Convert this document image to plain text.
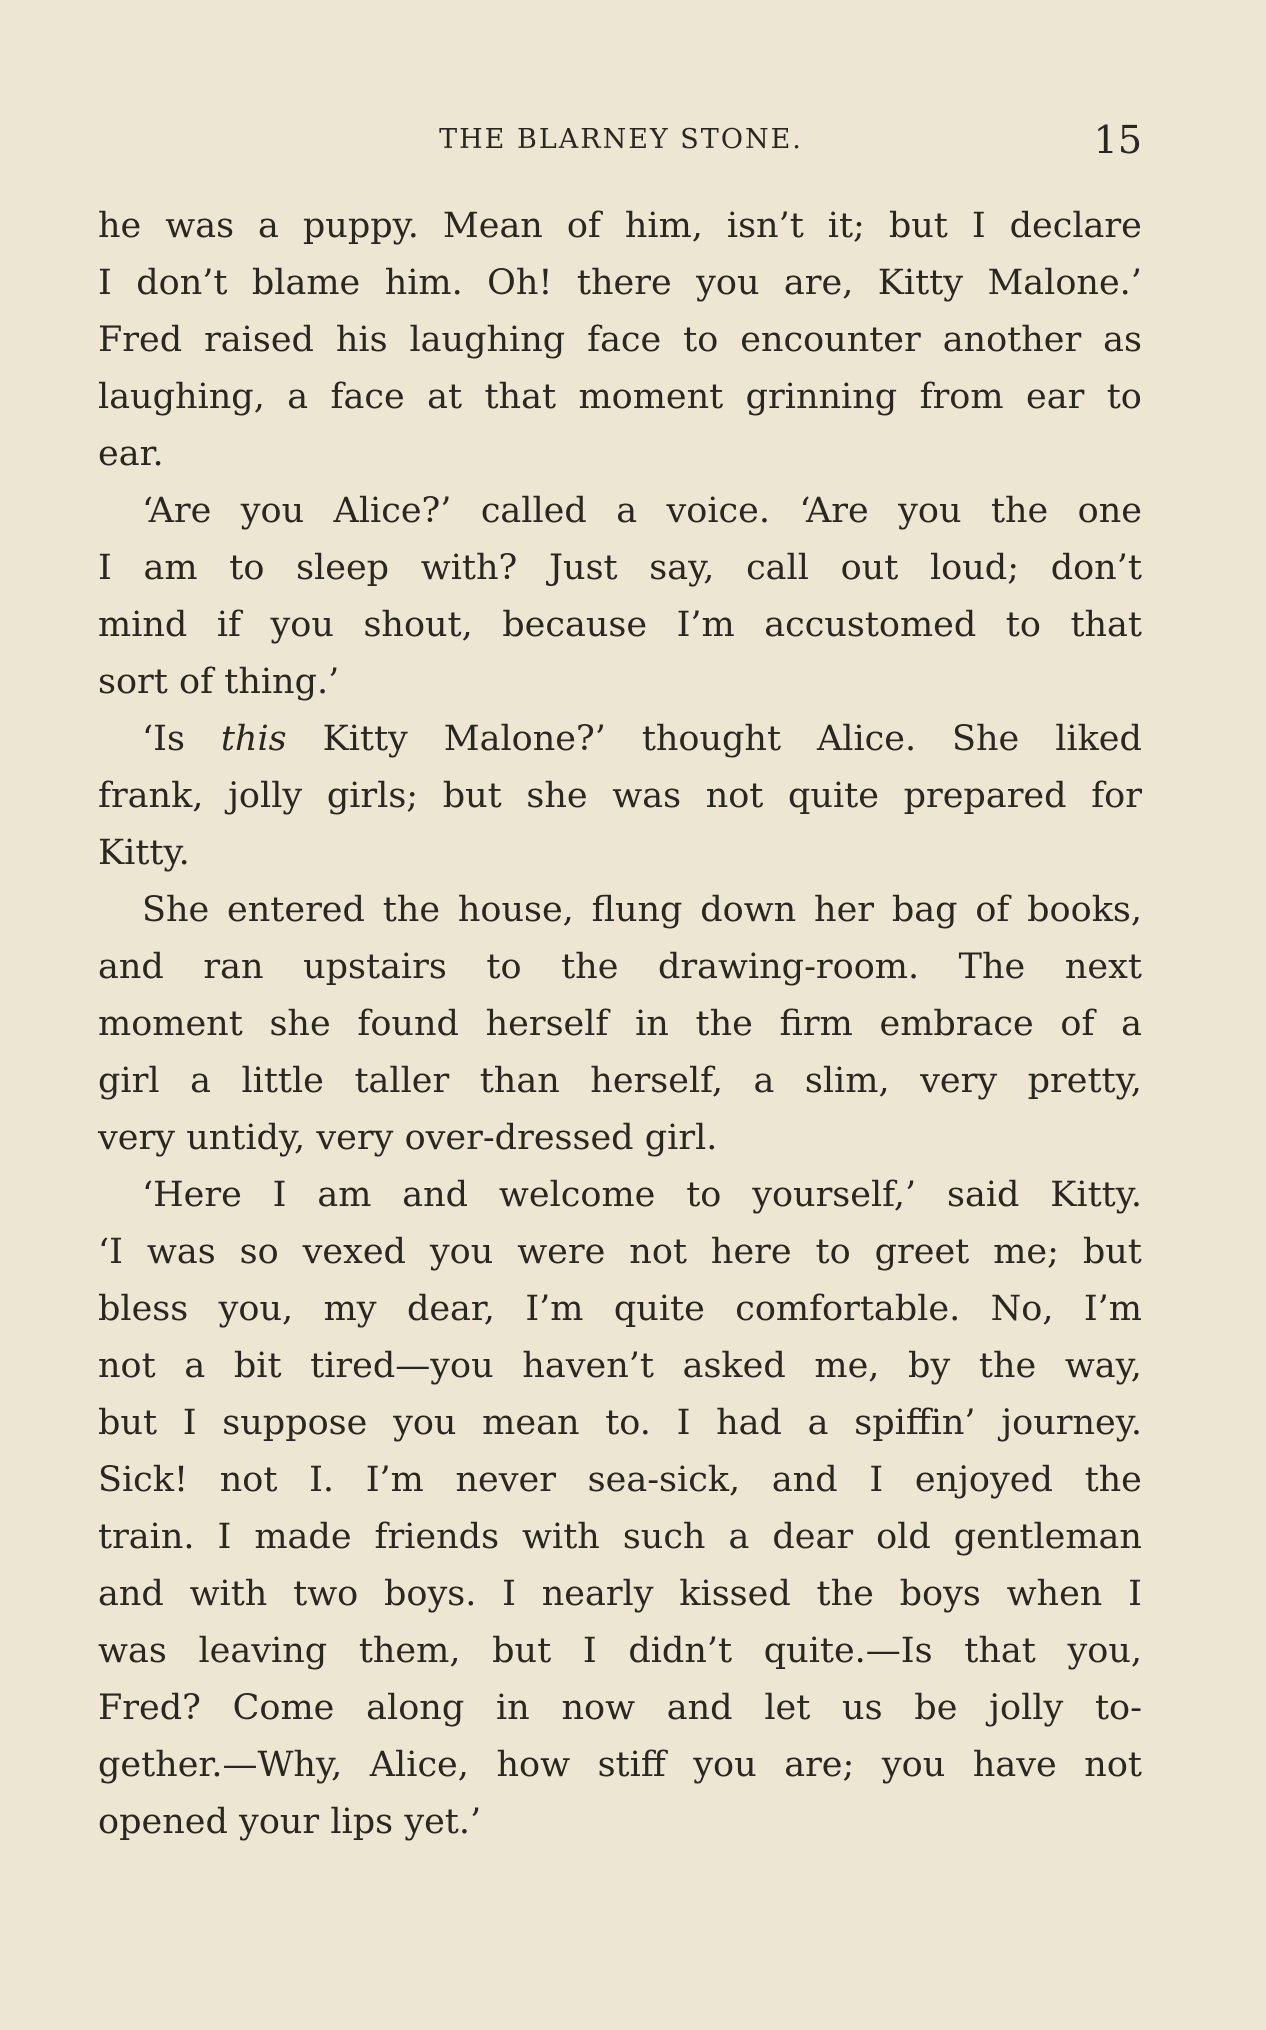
THE BLARNEY STONE.	15
he was a puppy. Mean of him, isn’t it; but I declare
I don’t blame him. Oh! there you are, Kitty Malone.’
Fred raised his laughing face to encounter another as
laughing, a face at that moment grinning from ear to
ear.
‘Are you Alice?’ called a voice. ‘Are you the one
I am to sleep with? Just say, call out loud; don’t
mind if you shout, because I’m accustomed to that
sort of thing.’
‘Is this Kitty Malone?’ thought Alice. She liked
frank, jolly girls; but she was not quite prepared for
Kitty.
She entered the house, flung down her bag of books,
and ran upstairs to the drawing-room. The next
moment she found herself in the firm embrace of a
girl a little taller than herself, a slim, very pretty,
very untidy, very over-dressed girl.
‘Here I am and welcome to yourself,’ said Kitty.
‘I was so vexed you were not here to greet me; but
bless you, my dear, I’m quite comfortable. No, I’m
not a bit tired—you haven’t asked me, by the way,
but I suppose you mean to. I had a spiffin’ journey.
Sick! not I. I’m never sea-sick, and I enjoyed the
train. I made friends with such a dear old gentleman
and with two boys. I nearly kissed the boys when I
was leaving them, but I didn’t quite.—Is that you,
Fred? Come along in now and let us be jolly to-
gether.—Why, Alice, how stiff you are; you have not
opened your lips yet.’
